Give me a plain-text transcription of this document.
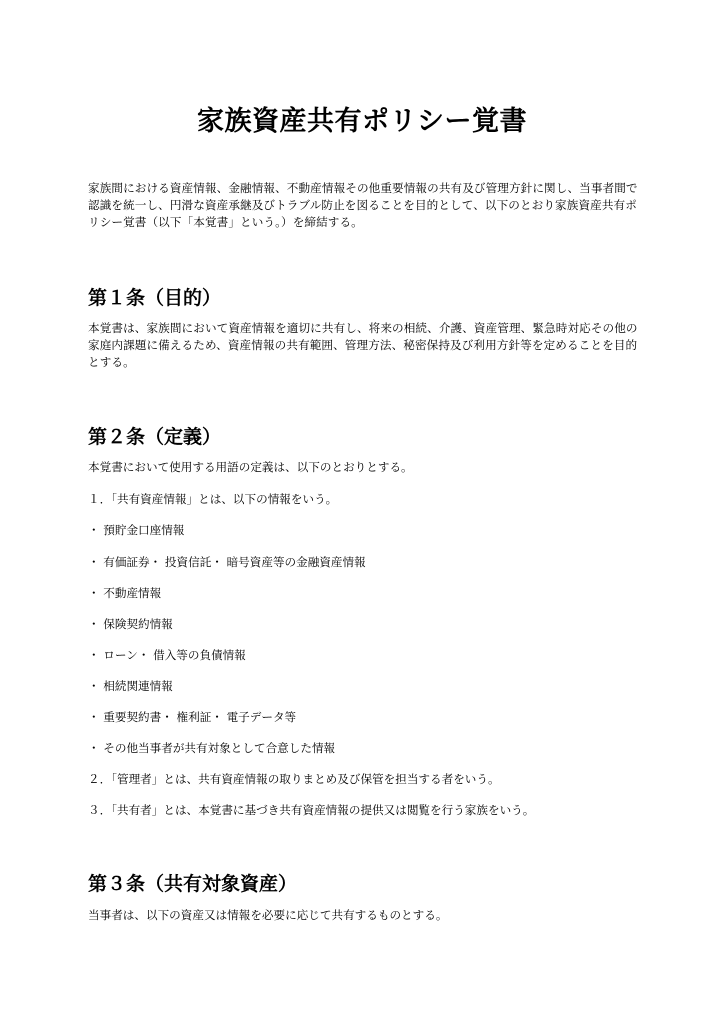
家族資産共有ポリシー覚書

家族間における資産情報、金融情報、不動産情報その他重要情報の共有及び管理方針に関し、当事者間で認識を統一し、円滑な資産承継及びトラブル防止を図ることを目的として、以下のとおり家族資産共有ポリシー覚書（以下「本覚書」という。）を締結する。

第１条（目的）

本覚書は、家族間において資産情報を適切に共有し、将来の相続、介護、資産管理、緊急時対応その他の家庭内課題に備えるため、資産情報の共有範囲、管理方法、秘密保持及び利用方針等を定めることを目的とする。

第２条（定義）

本覚書において使用する用語の定義は、以下のとおりとする。

１．「共有資産情報」とは、以下の情報をいう。

・ 預貯金口座情報

・ 有価証券・ 投資信託・ 暗号資産等の金融資産情報

・ 不動産情報

・ 保険契約情報

・ ローン・ 借入等の負債情報

・ 相続関連情報

・ 重要契約書・ 権利証・ 電子データ等

・ その他当事者が共有対象として合意した情報

２．「管理者」とは、共有資産情報の取りまとめ及び保管を担当する者をいう。

３．「共有者」とは、本覚書に基づき共有資産情報の提供又は閲覧を行う家族をいう。

第３条（共有対象資産）

当事者は、以下の資産又は情報を必要に応じて共有するものとする。
